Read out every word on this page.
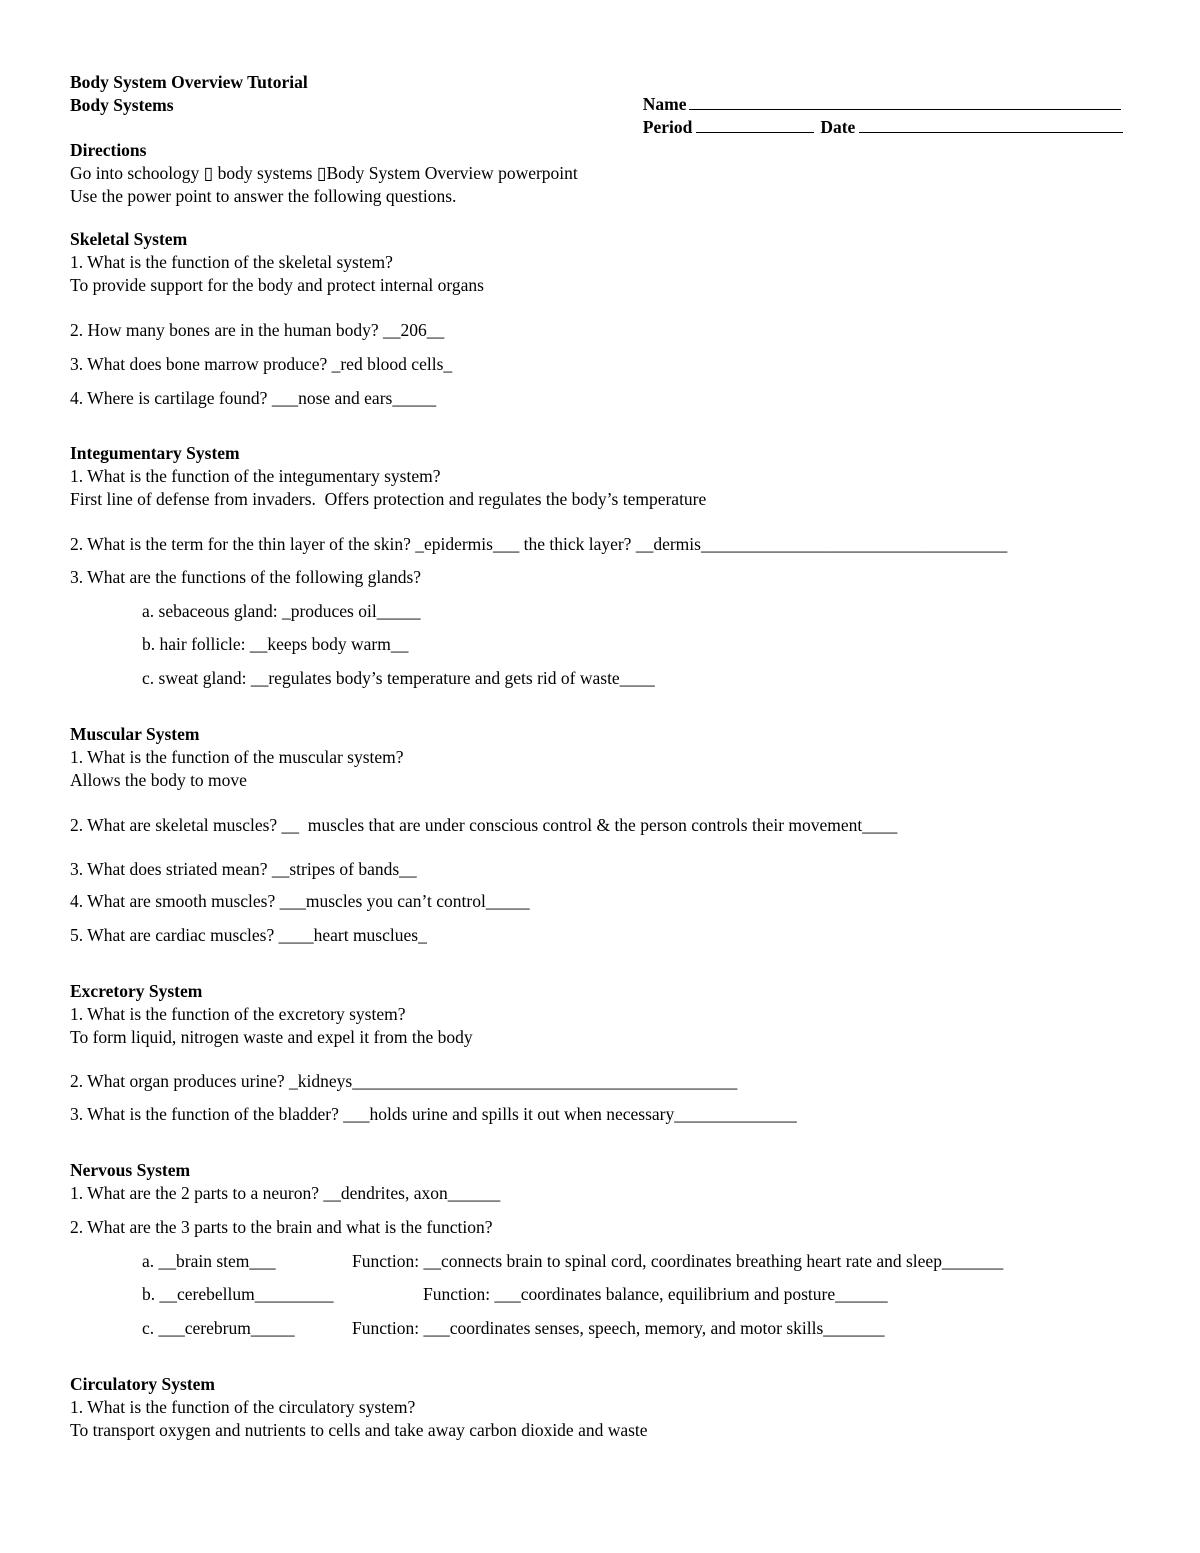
Body System Overview Tutorial
Body Systems	Name

Period	Date

Directions
Go into schoology ▯ body systems ▯Body System Overview powerpoint
Use the power point to answer the following questions.
Skeletal System
1. What is the function of the skeletal system?
To provide support for the body and protect internal organs
2. How many bones are in the human body? __206__
3. What does bone marrow produce? _red blood cells_
4. Where is cartilage found? ___nose and ears_____
Integumentary System
1. What is the function of the integumentary system?
First line of defense from invaders.  Offers protection and regulates the body’s temperature
2. What is the term for the thin layer of the skin? _epidermis___ the thick layer? __dermis___________________________________
3. What are the functions of the following glands?
a. sebaceous gland: _produces oil_____
b. hair follicle: __keeps body warm__
c. sweat gland: __regulates body’s temperature and gets rid of waste____
Muscular System
1. What is the function of the muscular system?
Allows the body to move
2. What are skeletal muscles? __  muscles that are under conscious control & the person controls their movement____
3. What does striated mean? __stripes of bands__
4. What are smooth muscles? ___muscles you can’t control_____
5. What are cardiac muscles? ____heart musclues_
Excretory System
1. What is the function of the excretory system?
To form liquid, nitrogen waste and expel it from the body
2. What organ produces urine? _kidneys____________________________________________
3. What is the function of the bladder? ___holds urine and spills it out when necessary______________
Nervous System
1. What are the 2 parts to a neuron? __dendrites, axon______
2. What are the 3 parts to the brain and what is the function?
a. __brain stem___	Function: __connects brain to spinal cord, coordinates breathing heart rate and sleep_______
b. __cerebellum_________	Function: ___coordinates balance, equilibrium and posture______
c. ___cerebrum_____	Function: ___coordinates senses, speech, memory, and motor skills_______
Circulatory System
1. What is the function of the circulatory system?
To transport oxygen and nutrients to cells and take away carbon dioxide and waste
